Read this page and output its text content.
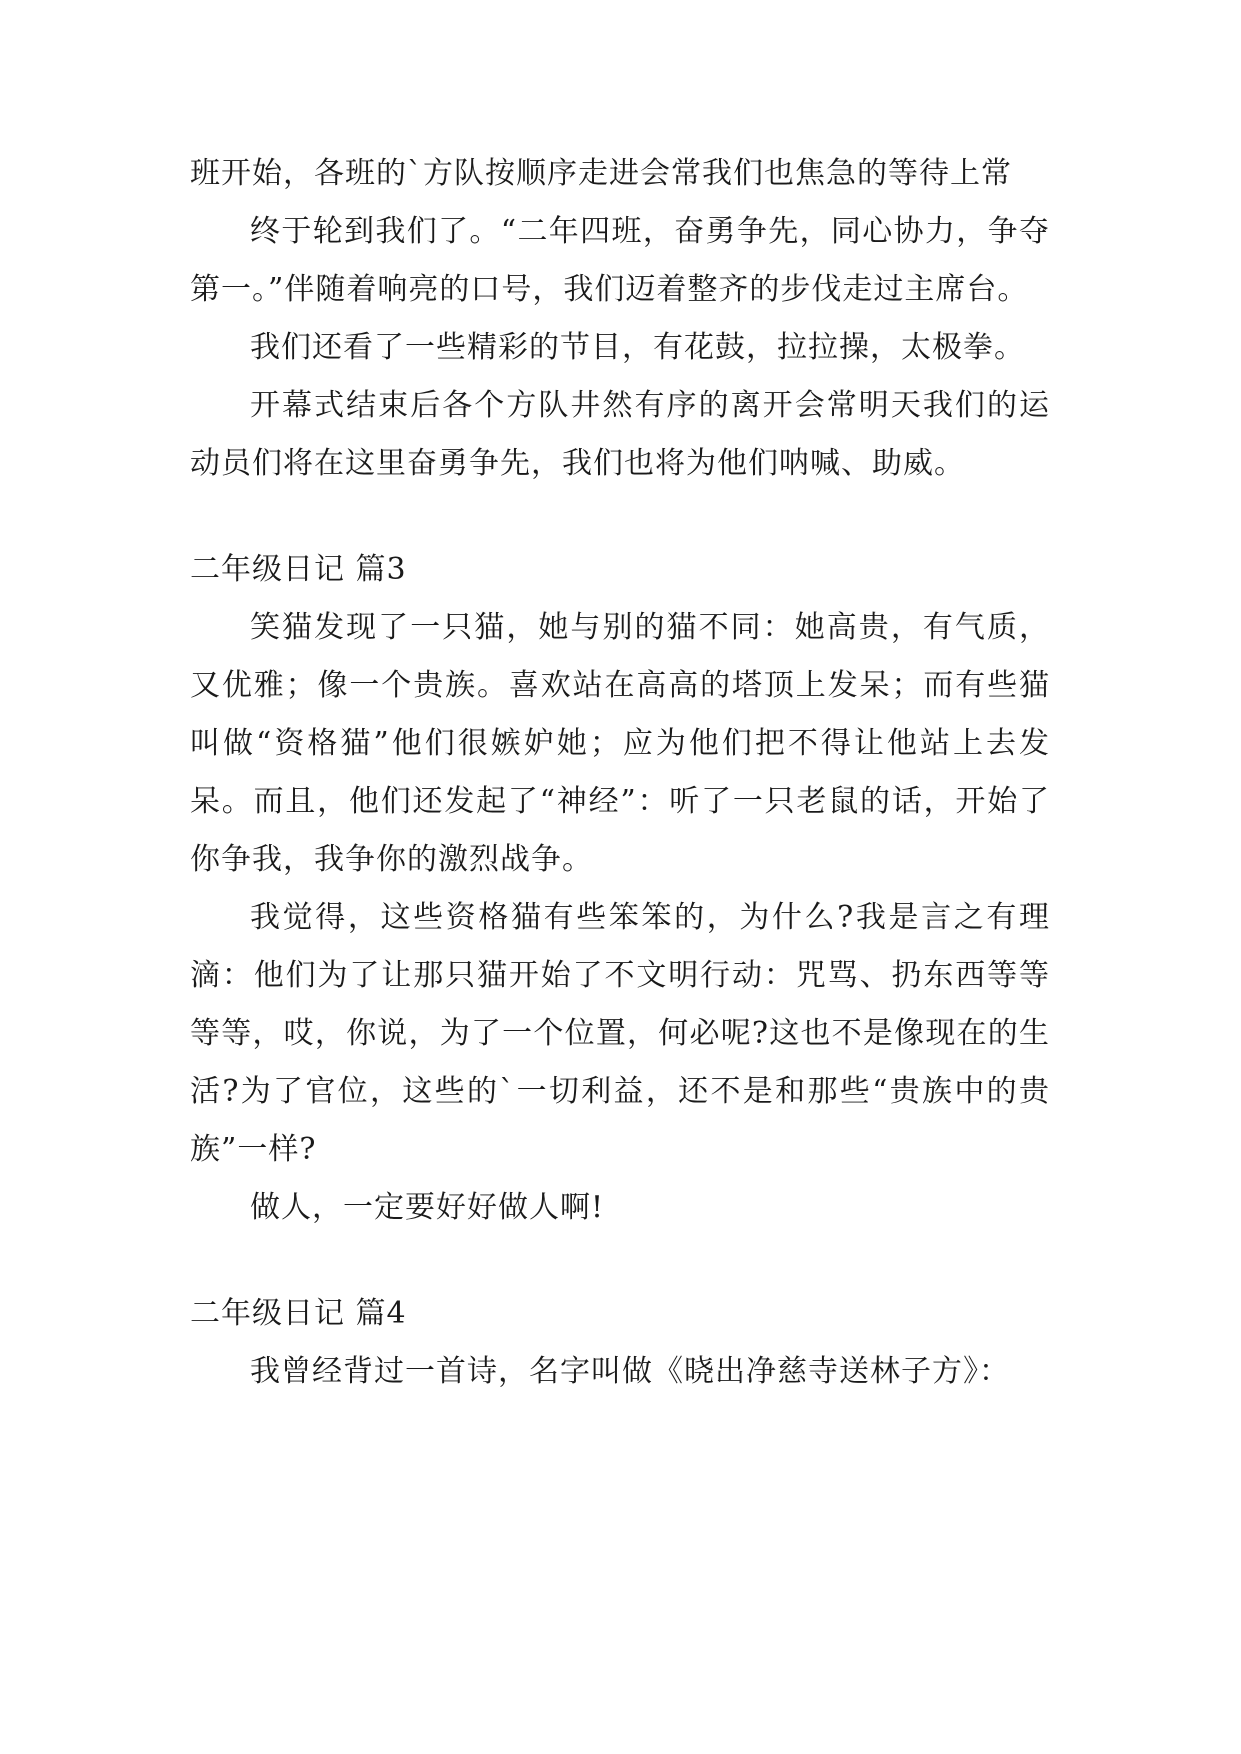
班开始，各班的`方队按顺序走进会常我们也焦急的等待上常

终于轮到我们了。“二年四班，奋勇争先，同心协力，争夺第一。”伴随着响亮的口号，我们迈着整齐的步伐走过主席台。

我们还看了一些精彩的节目，有花鼓，拉拉操，太极拳。

开幕式结束后各个方队井然有序的离开会常明天我们的运动员们将在这里奋勇争先，我们也将为他们呐喊、助威。

二年级日记 篇3

笑猫发现了一只猫，她与别的猫不同：她高贵，有气质，又优雅；像一个贵族。喜欢站在高高的塔顶上发呆；而有些猫叫做“资格猫”他们很嫉妒她；应为他们把不得让他站上去发呆。而且，他们还发起了“神经”：听了一只老鼠的话，开始了你争我，我争你的激烈战争。

我觉得，这些资格猫有些笨笨的，为什么?我是言之有理滴：他们为了让那只猫开始了不文明行动：咒骂、扔东西等等等等，哎，你说，为了一个位置，何必呢?这也不是像现在的生活?为了官位，这些的`一切利益，还不是和那些“贵族中的贵族”一样?

做人，一定要好好做人啊!

二年级日记 篇4

我曾经背过一首诗，名字叫做《晓出净慈寺送林子方》：
